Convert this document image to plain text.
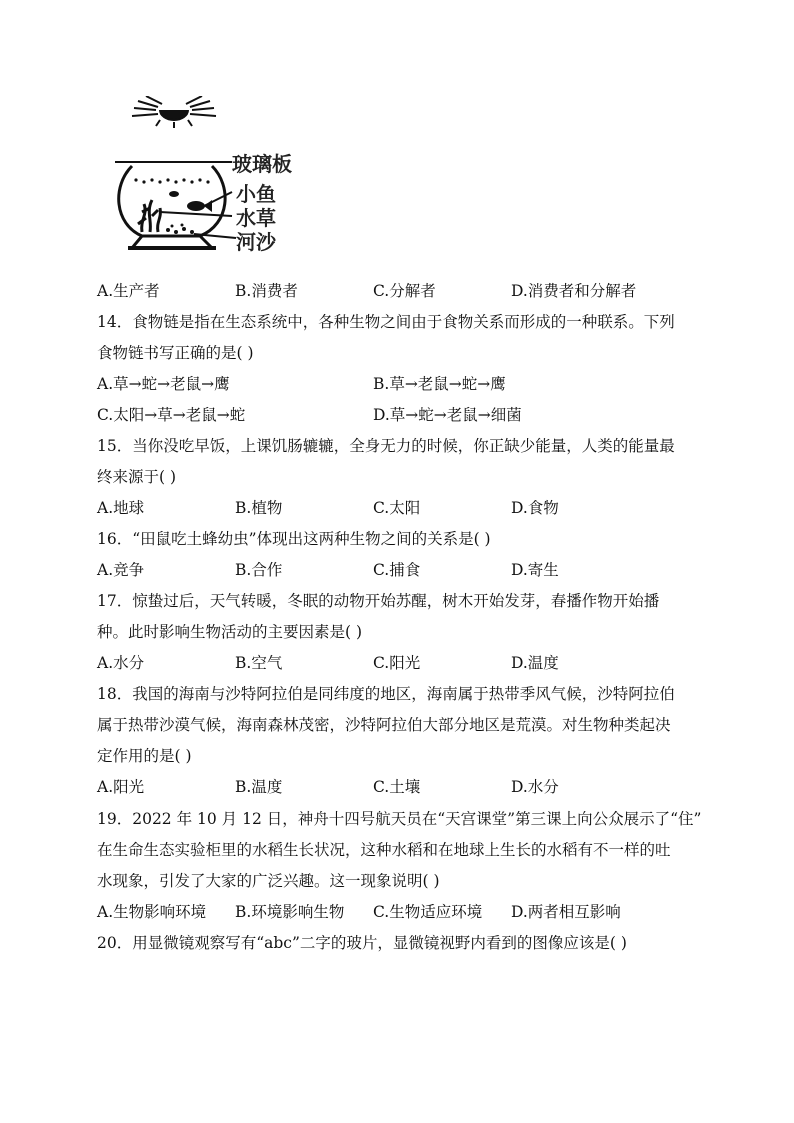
玻璃板
小鱼
水草
河沙
A.生产者	B.消费者	C.分解者	D.消费者和分解者
14．食物链是指在生态系统中，各种生物之间由于食物关系而形成的一种联系。下列
食物链书写正确的是( )
A.草→蛇→老鼠→鹰	B.草→老鼠→蛇→鹰
C.太阳→草→老鼠→蛇	D.草→蛇→老鼠→细菌
15．当你没吃早饭，上课饥肠辘辘，全身无力的时候，你正缺少能量，人类的能量最
终来源于( )
A.地球	B.植物	C.太阳	D.食物
16．“田鼠吃土蜂幼虫”体现出这两种生物之间的关系是( )
A.竞争	B.合作	C.捕食	D.寄生
17．惊蛰过后，天气转暖，冬眠的动物开始苏醒，树木开始发芽，春播作物开始播
种。此时影响生物活动的主要因素是( )
A.水分	B.空气	C.阳光	D.温度
18．我国的海南与沙特阿拉伯是同纬度的地区，海南属于热带季风气候，沙特阿拉伯
属于热带沙漠气候，海南森林茂密，沙特阿拉伯大部分地区是荒漠。对生物种类起决
定作用的是( )
A.阳光	B.温度	C.土壤	D.水分
19．2022 年 10 月 12 日，神舟十四号航天员在“天宫课堂”第三课上向公众展示了“住”
在生命生态实验柜里的水稻生长状况，这种水稻和在地球上生长的水稻有不一样的吐
水现象，引发了大家的广泛兴趣。这一现象说明( )
A.生物影响环境 B.环境影响生物 C.生物适应环境 D.两者相互影响
20．用显微镜观察写有“abc”二字的玻片，显微镜视野内看到的图像应该是( )
